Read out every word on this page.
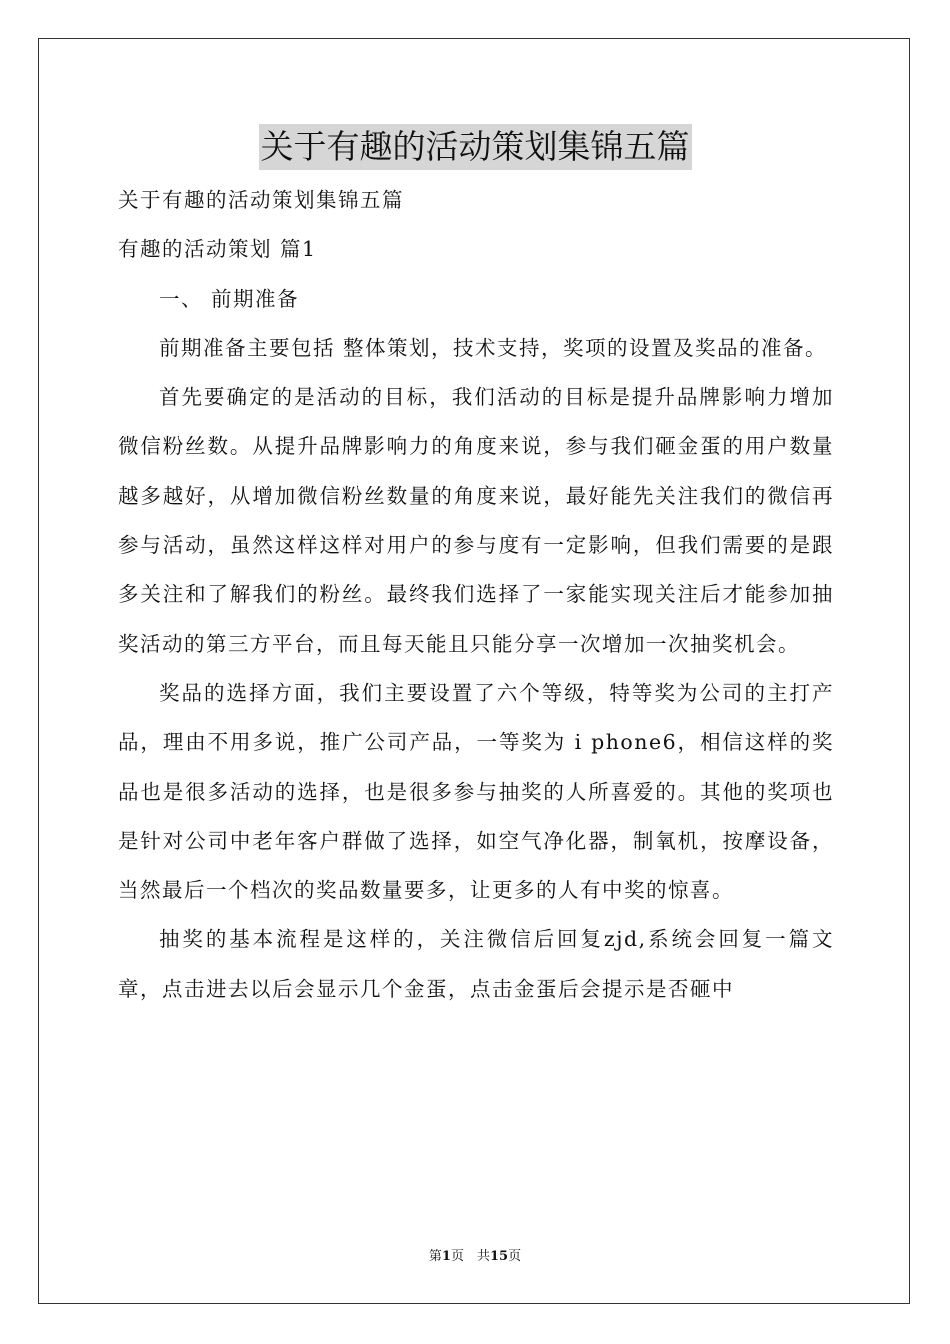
关于有趣的活动策划集锦五篇

关于有趣的活动策划集锦五篇

有趣的活动策划 篇1

一、 前期准备

前期准备主要包括 整体策划，技术支持，奖项的设置及奖品的准备。

首先要确定的是活动的目标，我们活动的目标是提升品牌影响力增加微信粉丝数。从提升品牌影响力的角度来说，参与我们砸金蛋的用户数量越多越好，从增加微信粉丝数量的角度来说，最好能先关注我们的微信再参与活动，虽然这样这样对用户的参与度有一定影响，但我们需要的是跟多关注和了解我们的粉丝。最终我们选择了一家能实现关注后才能参加抽奖活动的第三方平台，而且每天能且只能分享一次增加一次抽奖机会。

奖品的选择方面，我们主要设置了六个等级，特等奖为公司的主打产品，理由不用多说，推广公司产品，一等奖为 i phone6，相信这样的奖品也是很多活动的选择，也是很多参与抽奖的人所喜爱的。其他的奖项也是针对公司中老年客户群做了选择，如空气净化器，制氧机，按摩设备，当然最后一个档次的奖品数量要多，让更多的人有中奖的惊喜。

抽奖的基本流程是这样的，关注微信后回复zjd,系统会回复一篇文章，点击进去以后会显示几个金蛋，点击金蛋后会提示是否砸中

第1页　共15页
